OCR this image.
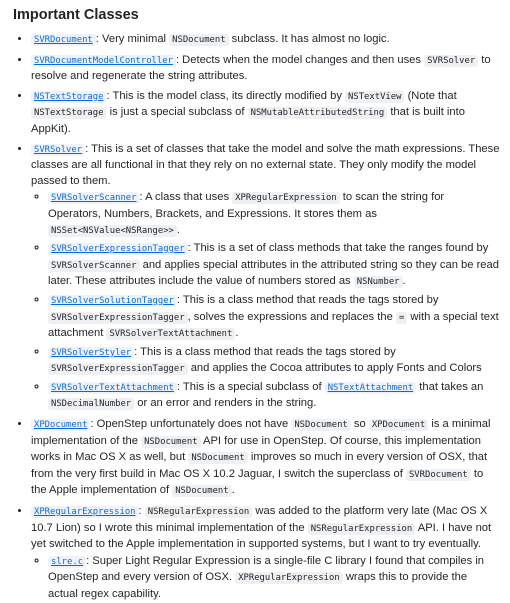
Important Classes
• SVRDocument : Very minimal NSDocument subclass. It has almost no logic.
• SVRDocumentModelController : Detects when the model changes and then uses SVRSolver to resolve and regenerate the string attributes.
• NSTextStorage : This is the model class, its directly modified by NSTextView (Note that NSTextStorage is just a special subclass of NSMutableAttributedString that is built into AppKit).
• SVRSolver : This is a set of classes that take the model and solve the math expressions. These classes are all functional in that they rely on no external state. They only modify the model passed to them.
◦ SVRSolverScanner : A class that uses XPRegularExpression to scan the string for Operators, Numbers, Brackets, and Expressions. It stores them as NSSet<NSValue<NSRange>> .
◦ SVRSolverExpressionTagger : This is a set of class methods that take the ranges found by SVRSolverScanner and applies special attributes in the attributed string so they can be read later. These attributes include the value of numbers stored as NSNumber .
◦ SVRSolverSolutionTagger : This is a class method that reads the tags stored by SVRSolverExpressionTagger , solves the expressions and replaces the = with a special text attachment SVRSolverTextAttachment .
◦ SVRSolverStyler : This is a class method that reads the tags stored by SVRSolverExpressionTagger and applies the Cocoa attributes to apply Fonts and Colors
◦ SVRSolverTextAttachment : This is a special subclass of NSTextAttachment that takes an NSDecimalNumber or an error and renders in the string.
• XPDocument : OpenStep unfortunately does not have NSDocument so XPDocument is a minimal implementation of the NSDocument API for use in OpenStep. Of course, this implementation works in Mac OS X as well, but NSDocument improves so much in every version of OSX, that from the very first build in Mac OS X 10.2 Jaguar, I switch the superclass of SVRDocument to the Apple implementation of NSDocument .
• XPRegularExpression : NSRegularExpression was added to the platform very late (Mac OS X 10.7 Lion) so I wrote this minimal implementation of the NSRegularExpression API. I have not yet switched to the Apple implementation in supported systems, but I want to try eventually.
◦ slre.c : Super Light Regular Expression is a single-file C library I found that compiles in OpenStep and every version of OSX. XPRegularExpression wraps this to provide the actual regex capability.
